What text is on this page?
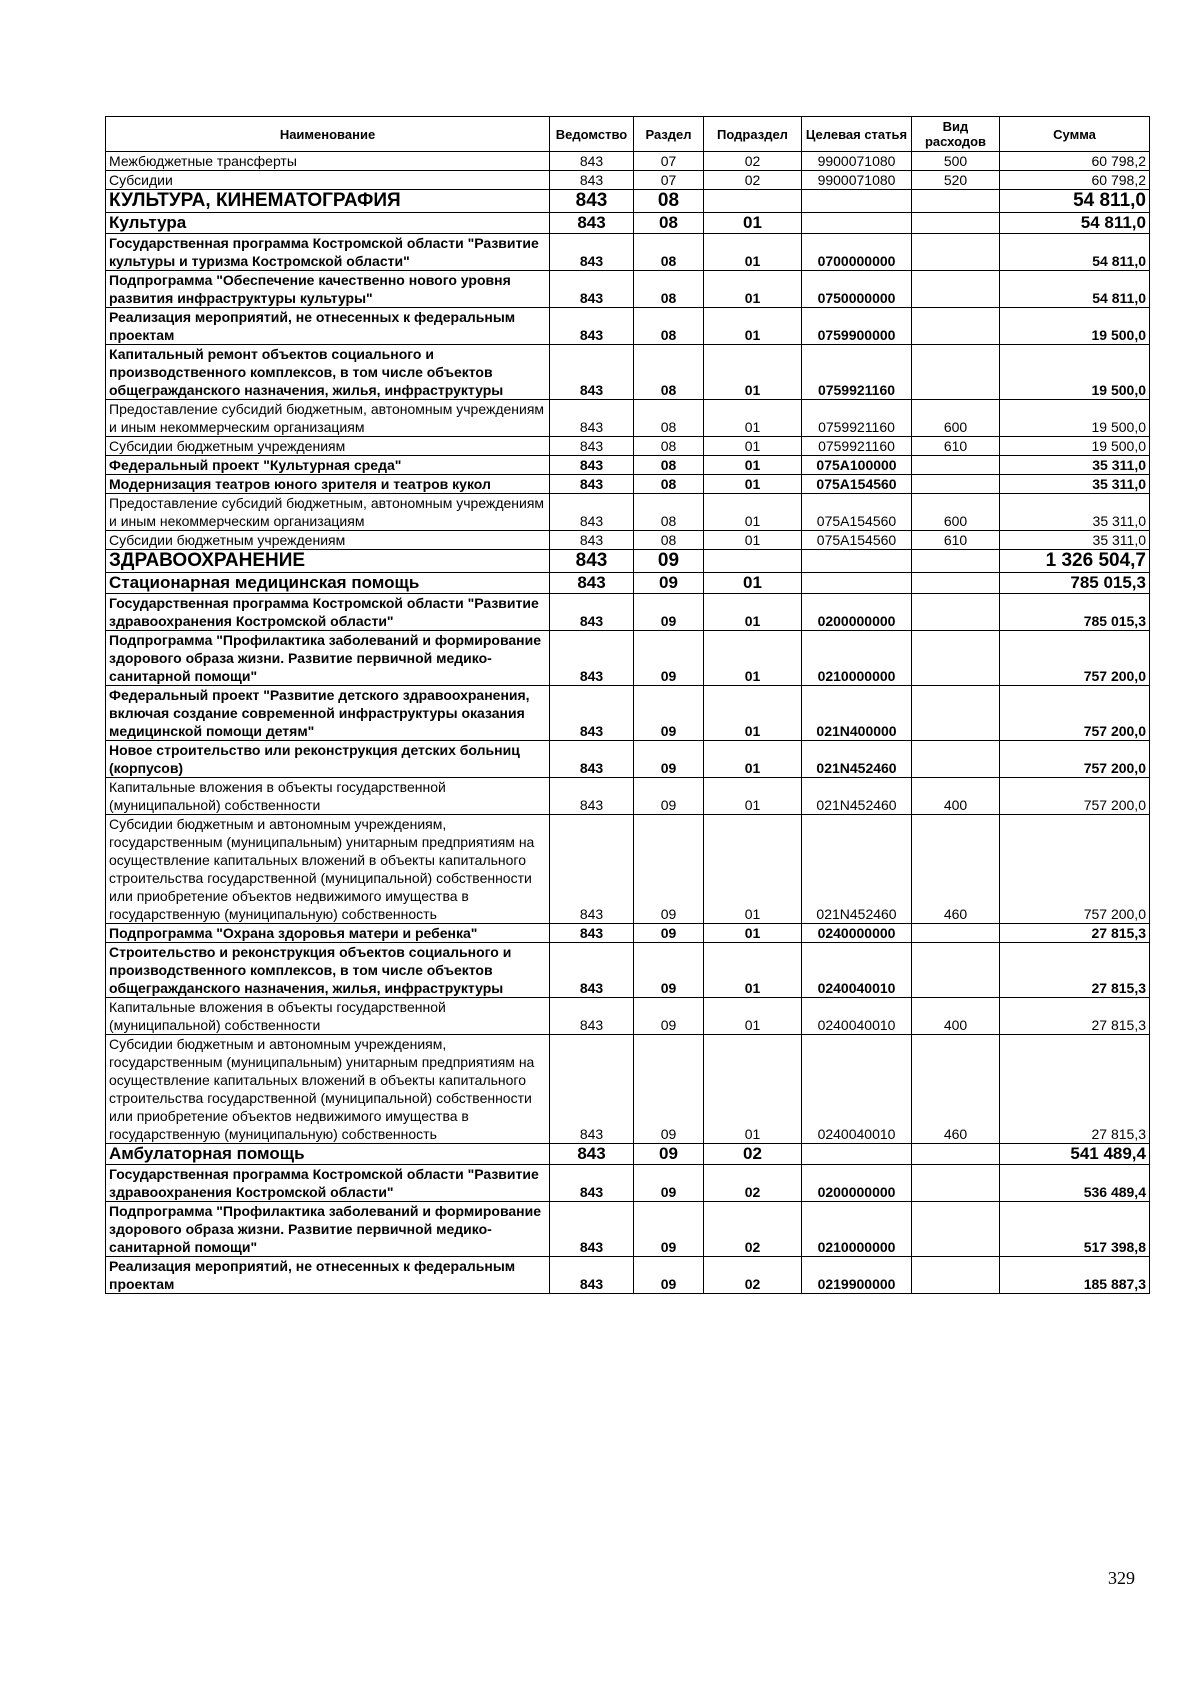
Наименование	Ведомство	Раздел	Подраздел	Целевая статья	Вид расходов	Сумма
Межбюджетные трансферты	843	07	02	9900071080	500	60 798,2
Субсидии	843	07	02	9900071080	520	60 798,2
КУЛЬТУРА, КИНЕМАТОГРАФИЯ	843	08				54 811,0
Культура	843	08	01			54 811,0
Государственная программа Костромской области "Развитие культуры и туризма Костромской области"	843	08	01	0700000000		54 811,0
Подпрограмма "Обеспечение качественно нового уровня развития инфраструктуры культуры"	843	08	01	0750000000		54 811,0
Реализация мероприятий, не отнесенных к федеральным проектам	843	08	01	0759900000		19 500,0
Капитальный ремонт объектов социального и производственного комплексов, в том числе объектов общегражданского назначения, жилья, инфраструктуры	843	08	01	0759921160		19 500,0
Предоставление субсидий бюджетным, автономным учреждениям и иным некоммерческим организациям	843	08	01	0759921160	600	19 500,0
Субсидии бюджетным учреждениям	843	08	01	0759921160	610	19 500,0
Федеральный проект "Культурная среда"	843	08	01	075A100000		35 311,0
Модернизация театров юного зрителя и театров кукол	843	08	01	075A154560		35 311,0
Предоставление субсидий бюджетным, автономным учреждениям и иным некоммерческим организациям	843	08	01	075A154560	600	35 311,0
Субсидии бюджетным учреждениям	843	08	01	075A154560	610	35 311,0
ЗДРАВООХРАНЕНИЕ	843	09				1 326 504,7
Стационарная медицинская помощь	843	09	01			785 015,3
Государственная программа Костромской области "Развитие здравоохранения Костромской области"	843	09	01	0200000000		785 015,3
Подпрограмма "Профилактика заболеваний и формирование здорового образа жизни. Развитие первичной медико-санитарной помощи"	843	09	01	0210000000		757 200,0
Федеральный проект "Развитие детского здравоохранения, включая создание современной инфраструктуры оказания медицинской помощи детям"	843	09	01	021N400000		757 200,0
Новое строительство или реконструкция детских больниц (корпусов)	843	09	01	021N452460		757 200,0
Капитальные вложения в объекты государственной (муниципальной) собственности	843	09	01	021N452460	400	757 200,0
Субсидии бюджетным и автономным учреждениям, государственным (муниципальным) унитарным предприятиям на осуществление капитальных вложений в объекты капитального строительства государственной (муниципальной) собственности или приобретение объектов недвижимого имущества в государственную (муниципальную) собственность	843	09	01	021N452460	460	757 200,0
Подпрограмма "Охрана здоровья матери и ребенка"	843	09	01	0240000000		27 815,3
Строительство и реконструкция объектов социального и производственного комплексов, в том числе объектов общегражданского назначения, жилья, инфраструктуры	843	09	01	0240040010		27 815,3
Капитальные вложения в объекты государственной (муниципальной) собственности	843	09	01	0240040010	400	27 815,3
Субсидии бюджетным и автономным учреждениям, государственным (муниципальным) унитарным предприятиям на осуществление капитальных вложений в объекты капитального строительства государственной (муниципальной) собственности или приобретение объектов недвижимого имущества в государственную (муниципальную) собственность	843	09	01	0240040010	460	27 815,3
Амбулаторная помощь	843	09	02			541 489,4
Государственная программа Костромской области "Развитие здравоохранения Костромской области"	843	09	02	0200000000		536 489,4
Подпрограмма "Профилактика заболеваний и формирование здорового образа жизни. Развитие первичной медико-санитарной помощи"	843	09	02	0210000000		517 398,8
Реализация мероприятий, не отнесенных к федеральным проектам	843	09	02	0219900000		185 887,3
329
